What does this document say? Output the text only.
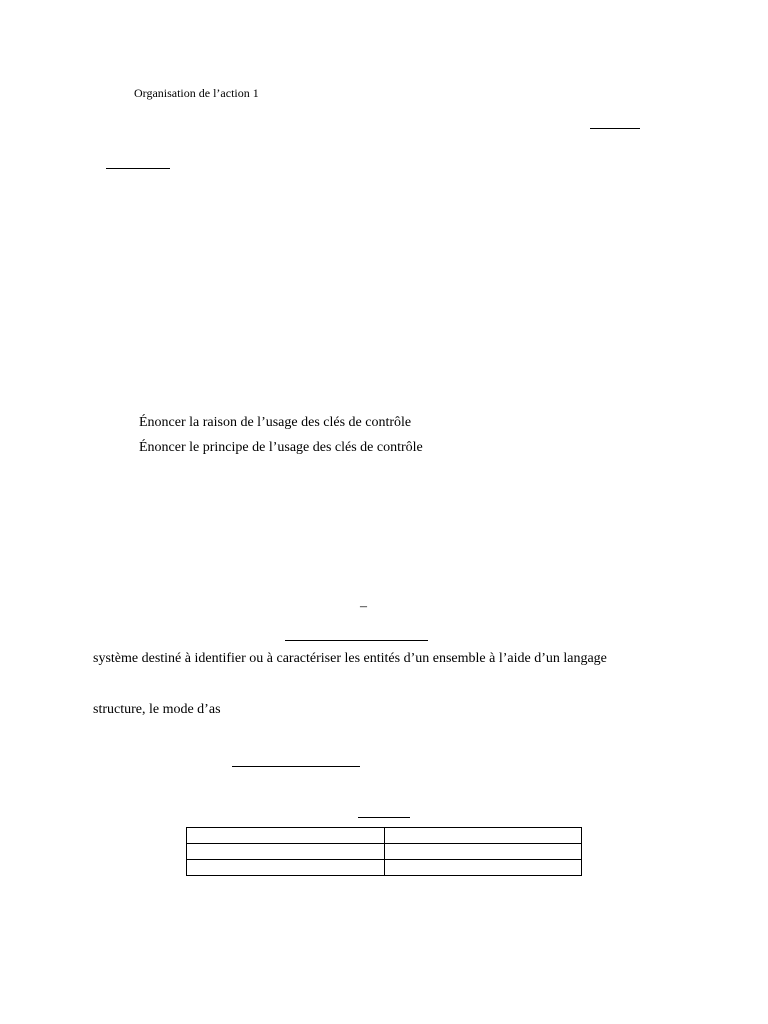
Organisation de l’action 1
Énoncer la raison de l’usage des clés de contrôle
Énoncer le principe de l’usage des clés de contrôle
–
système destiné à identifier ou à caractériser les entités d’un ensemble à l’aide d’un langage
structure, le mode d’as
